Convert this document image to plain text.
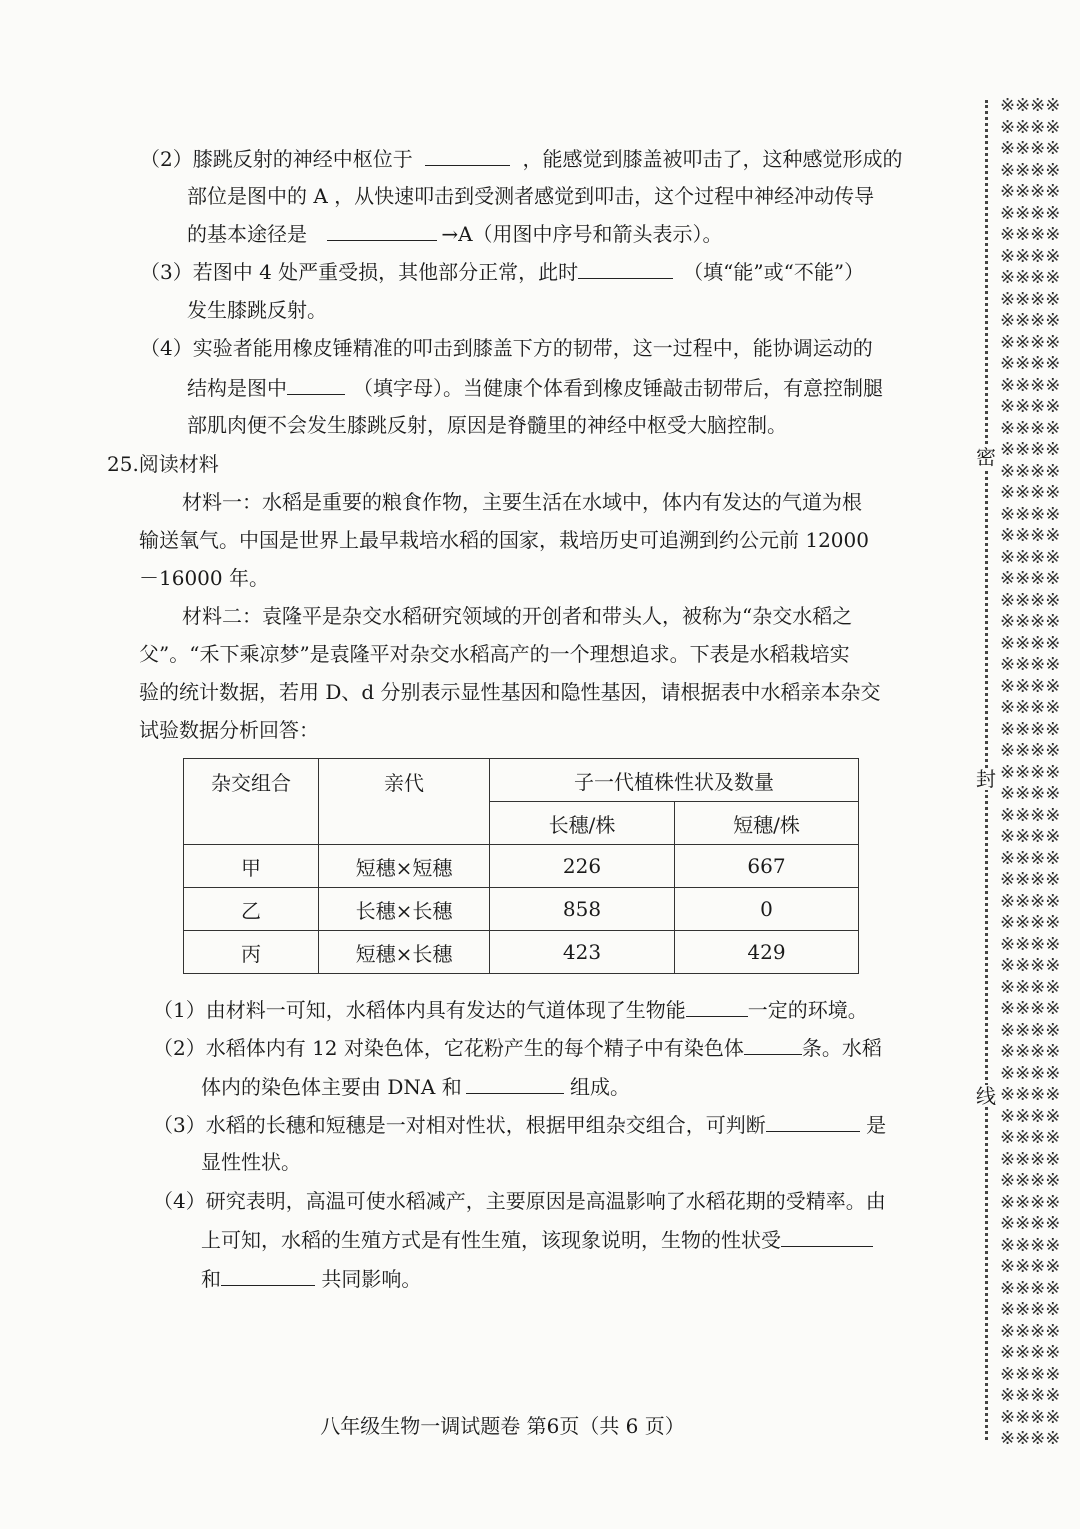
（2）膝跳反射的神经中枢位于	，能感觉到膝盖被叩击了，这种感觉形成的
部位是图中的 A ，从快速叩击到受测者感觉到叩击，这个过程中神经冲动传导
的基本途径是	→A（用图中序号和箭头表示）。
（3）若图中 4 处严重受损，其他部分正常，此时	（填“能”或“不能”）
发生膝跳反射。
（4）实验者能用橡皮锤精准的叩击到膝盖下方的韧带，这一过程中，能协调运动的
结构是图中	（填字母）。当健康个体看到橡皮锤敲击韧带后，有意控制腿
部肌肉便不会发生膝跳反射，原因是脊髓里的神经中枢受大脑控制。
25.阅读材料
材料一：水稻是重要的粮食作物，主要生活在水域中，体内有发达的气道为根
输送氧气。中国是世界上最早栽培水稻的国家，栽培历史可追溯到约公元前 12000
－16000 年。
材料二：袁隆平是杂交水稻研究领域的开创者和带头人，被称为“杂交水稻之
父”。“禾下乘凉梦”是袁隆平对杂交水稻高产的一个理想追求。下表是水稻栽培实
验的统计数据，若用 D、d 分别表示显性基因和隐性基因，请根据表中水稻亲本杂交
试验数据分析回答：
杂交组合	亲代	子一代植株性状及数量	
		长穗/株	短穗/株
甲	短穗×短穗	226	667
乙	长穗×长穗	858	0
丙	短穗×长穗	423	429
（1）由材料一可知，水稻体内具有发达的气道体现了生物能	一定的环境。
（2）水稻体内有 12 对染色体，它花粉产生的每个精子中有染色体	条。水稻
体内的染色体主要由 DNA 和	组成。
（3）水稻的长穗和短穗是一对相对性状，根据甲组杂交组合，可判断	是
显性性状。
（4）研究表明，高温可使水稻减产，主要原因是高温影响了水稻花期的受精率。由
上可知，水稻的生殖方式是有性生殖，该现象说明，生物的性状受
和	共同影响。
八年级生物一调试题卷 第6页（共 6 页）
※※※※
※※※※
※※※※
※※※※
※※※※
※※※※
※※※※
※※※※
※※※※
※※※※
※※※※
※※※※
※※※※
※※※※
※※※※
※※※※
※※※※
※※※※
※※※※
※※※※
※※※※
※※※※
※※※※
※※※※
※※※※
※※※※
※※※※
※※※※
※※※※
※※※※
※※※※
※※※※
※※※※
※※※※
※※※※
※※※※
※※※※
※※※※
※※※※
※※※※
※※※※
※※※※
※※※※
※※※※
※※※※
※※※※
※※※※
※※※※
※※※※
※※※※
※※※※
※※※※
※※※※
※※※※
※※※※
※※※※
※※※※
※※※※
※※※※
※※※※
※※※※
※※※※
※※※※
密
封
线
